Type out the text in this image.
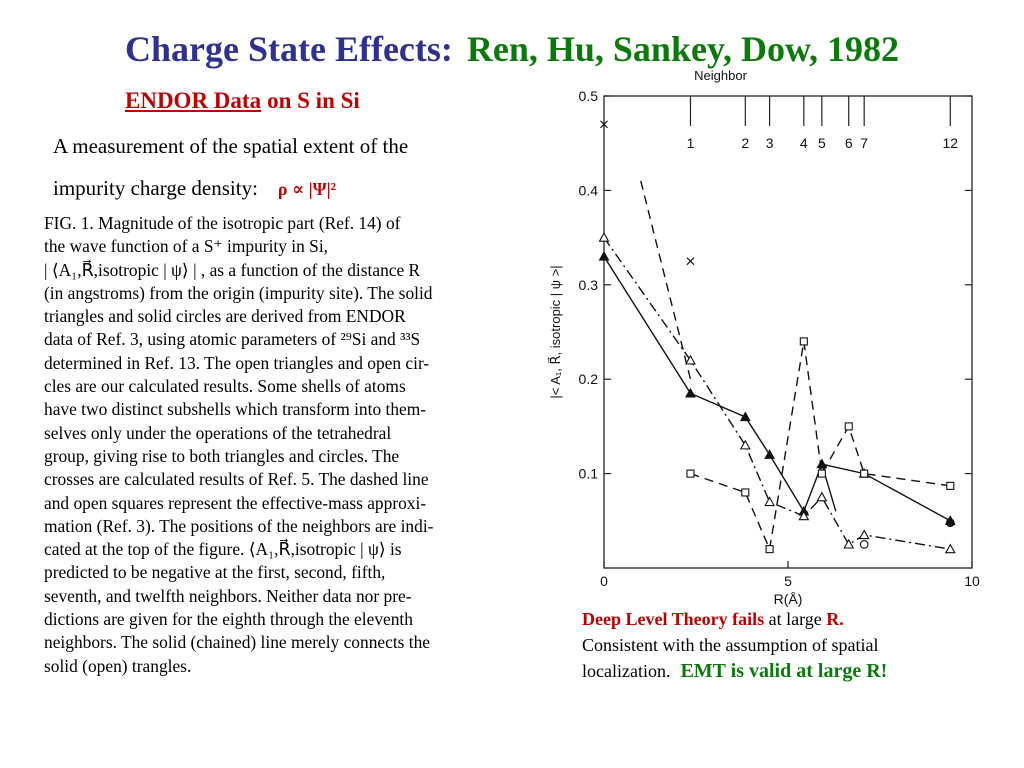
Charge State Effects: Ren, Hu, Sankey, Dow, 1982
ENDOR Data on S in Si
A measurement of the spatial extent of the
impurity charge density: ρ ∝ |Ψ|²
FIG. 1. Magnitude of the isotropic part (Ref. 14) of
the wave function of a S⁺ impurity in Si,
| ⟨A₁,R⃗,isotropic | ψ⟩ | , as a function of the distance R
(in angstroms) from the origin (impurity site). The solid
triangles and solid circles are derived from ENDOR
data of Ref. 3, using atomic parameters of ²⁹Si and ³³S
determined in Ref. 13. The open triangles and open cir-
cles are our calculated results. Some shells of atoms
have two distinct subshells which transform into them-
selves only under the operations of the tetrahedral
group, giving rise to both triangles and circles. The
crosses are calculated results of Ref. 5. The dashed line
and open squares represent the effective-mass approxi-
mation (Ref. 3). The positions of the neighbors are indi-
cated at the top of the figure. ⟨A₁,R⃗,isotropic | ψ⟩ is
predicted to be negative at the first, second, fifth,
seventh, and twelfth neighbors. Neither data nor pre-
dictions are given for the eighth through the eleventh
neighbors. The solid (chained) line merely connects the
solid (open) trangles.
0.1
0.2
0.3
0.4
0.5
0	5	10
R(Å)
|< A₁, R⃗, isotropic | ψ >|
Neighbor
1	2 3 4 5 6 7	12
Deep Level Theory fails at large R.
Consistent with the assumption of spatial
localization. EMT is valid at large R!
